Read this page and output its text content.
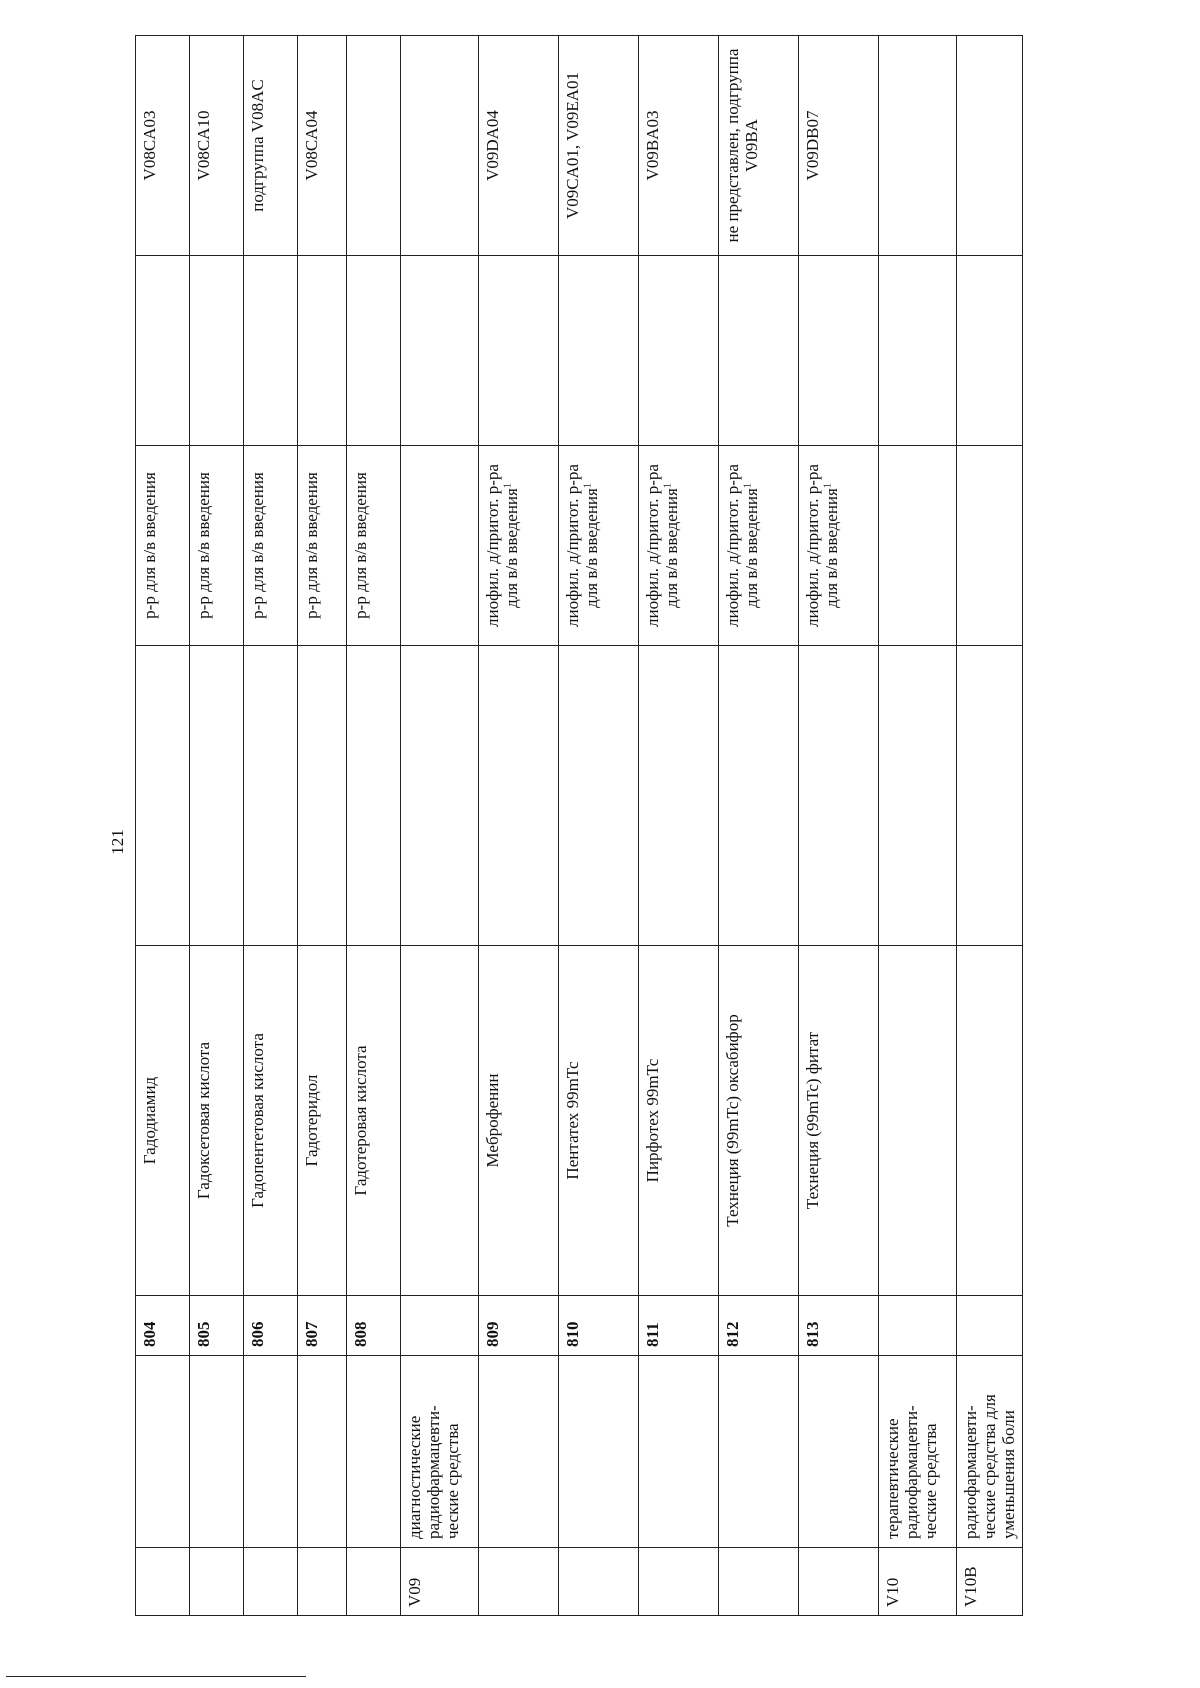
121
		804	Гадодиамид		р-р для в/в введения		V08CA03
		805	Гадоксетовая кислота		р-р для в/в введения		V08CA10
		806	Гадопентетовая кислота		р-р для в/в введения		подгруппа V08AC
		807	Гадотеридол		р-р для в/в введения		V08CA04
		808	Гадотеровая кислота		р-р для в/в введения		
V09	диагностические радиофармацевти-ческие средства						
		809	Меброфенин		лиофил. д/пригот. р-ра для в/в введения$^1$		V09DA04
		810	Пентатех 99mTc		лиофил. д/пригот. р-ра для в/в введения$^1$		V09CA01, V09EA01
		811	Пирфотех 99mTc		лиофил. д/пригот. р-ра для в/в введения$^1$		V09BA03
		812	Технеция (99mTc) оксабифор		лиофил. д/пригот. р-ра для в/в введения$^1$		не представлен, подгруппа V09BA
		813	Технеция (99mTc) фитат		лиофил. д/пригот. р-ра для в/в введения$^1$		V09DB07
V10	терапевтические радиофармацевти-ческие средства						
V10B	радиофармацевти-ческие средства для уменьшения боли						
